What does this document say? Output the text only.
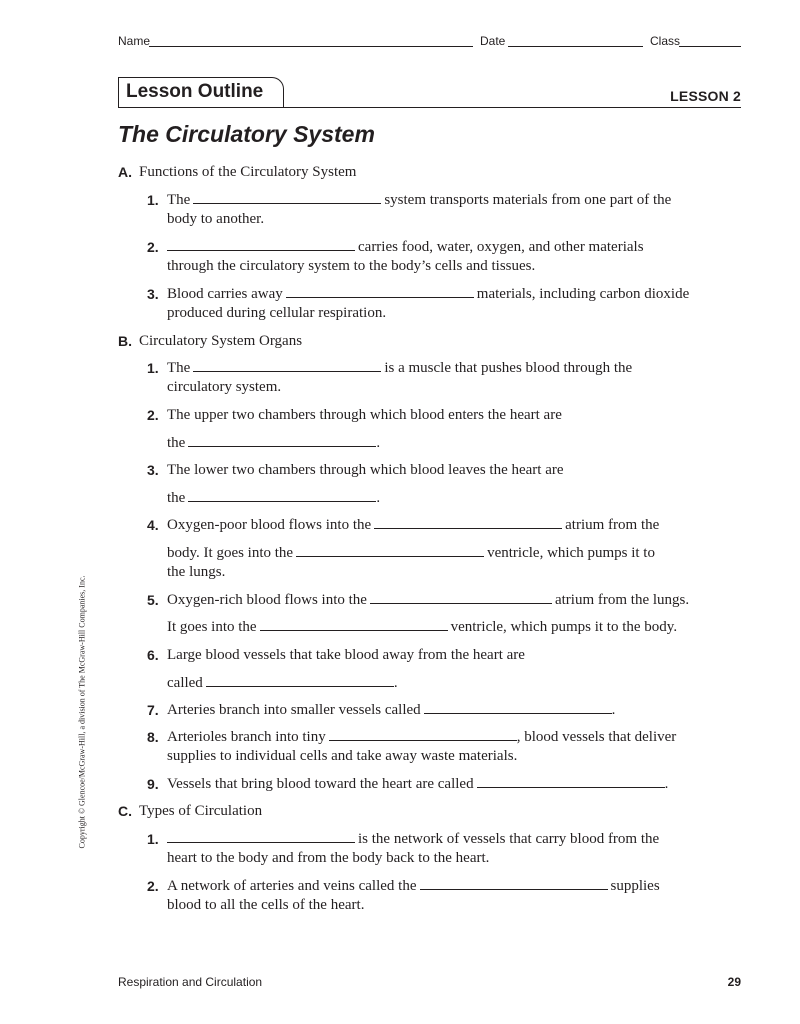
Name	Date	Class
Lesson Outline	LESSON 2
The Circulatory System
A. Functions of the Circulatory System
1. The	system transports materials from one part of the
body to another.
2.	carries food, water, oxygen, and other materials
through the circulatory system to the body’s cells and tissues.
3. Blood carries away	materials, including carbon dioxide
produced during cellular respiration.
B. Circulatory System Organs
1. The	is a muscle that pushes blood through the
circulatory system.
2. The upper two chambers through which blood enters the heart are
the	.
3. The lower two chambers through which blood leaves the heart are
the	.
4. Oxygen-poor blood flows into the	atrium from the
body. It goes into the	ventricle, which pumps it to
the lungs.
5. Oxygen-rich blood flows into the	atrium from the lungs.
It goes into the	ventricle, which pumps it to the body.
6. Large blood vessels that take blood away from the heart are
called	.
7. Arteries branch into smaller vessels called	.
8. Arterioles branch into tiny	, blood vessels that deliver
supplies to individual cells and take away waste materials.
9. Vessels that bring blood toward the heart are called	.
C. Types of Circulation
1.	is the network of vessels that carry blood from the
heart to the body and from the body back to the heart.
2. A network of arteries and veins called the	supplies
blood to all the cells of the heart.
Copyright © Glencoe/McGraw-Hill, a division of The McGraw-Hill Companies, Inc.
Respiration and Circulation	29
